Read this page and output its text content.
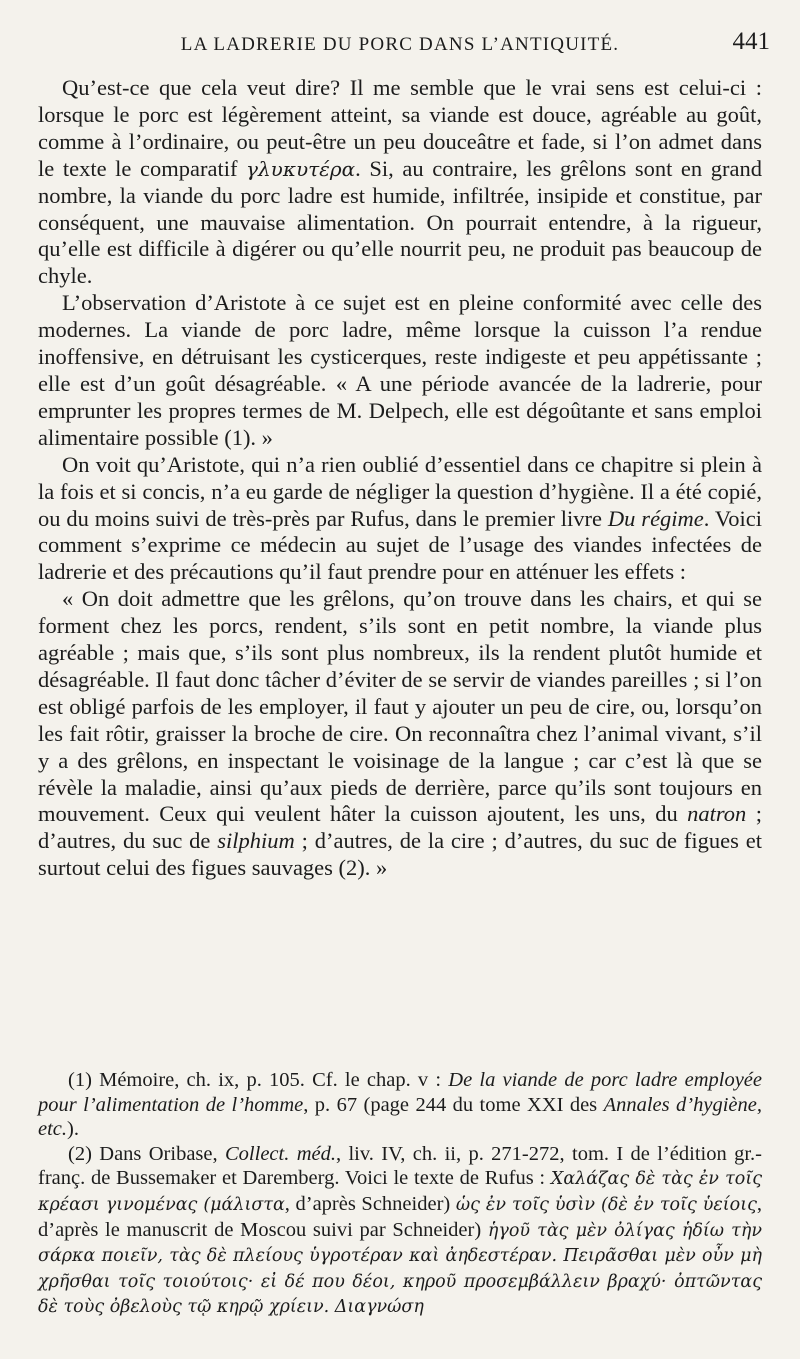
LA LADRERIE DU PORC DANS L’ANTIQUITÉ.	441

Qu’est-ce que cela veut dire? Il me semble que le vrai sens est celui-ci : lorsque le porc est légèrement atteint, sa viande est douce, agréable au goût, comme à l’ordinaire, ou peut-être un peu douceâtre et fade, si l’on admet dans le texte le comparatif γλυκυτέρα. Si, au contraire, les grêlons sont en grand nombre, la viande du porc ladre est humide, infiltrée, insipide et constitue, par conséquent, une mauvaise alimentation. On pourrait entendre, à la rigueur, qu’elle est difficile à digérer ou qu’elle nourrit peu, ne produit pas beaucoup de chyle.

L’observation d’Aristote à ce sujet est en pleine conformité avec celle des modernes. La viande de porc ladre, même lorsque la cuisson l’a rendue inoffensive, en détruisant les cysticerques, reste indigeste et peu appétissante ; elle est d’un goût désagréable. « A une période avancée de la ladrerie, pour emprunter les propres termes de M. Delpech, elle est dégoûtante et sans emploi alimentaire possible (1). »

On voit qu’Aristote, qui n’a rien oublié d’essentiel dans ce chapitre si plein à la fois et si concis, n’a eu garde de négliger la question d’hygiène. Il a été copié, ou du moins suivi de très-près par Rufus, dans le premier livre Du régime. Voici comment s’exprime ce médecin au sujet de l’usage des viandes infectées de ladrerie et des précautions qu’il faut prendre pour en atténuer les effets :

« On doit admettre que les grêlons, qu’on trouve dans les chairs, et qui se forment chez les porcs, rendent, s’ils sont en petit nombre, la viande plus agréable ; mais que, s’ils sont plus nombreux, ils la rendent plutôt humide et désagréable. Il faut donc tâcher d’éviter de se servir de viandes pareilles ; si l’on est obligé parfois de les employer, il faut y ajouter un peu de cire, ou, lorsqu’on les fait rôtir, graisser la broche de cire. On reconnaîtra chez l’animal vivant, s’il y a des grêlons, en inspectant le voisinage de la langue ; car c’est là que se révèle la maladie, ainsi qu’aux pieds de derrière, parce qu’ils sont toujours en mouvement. Ceux qui veulent hâter la cuisson ajoutent, les uns, du natron ; d’autres, du suc de silphium ; d’autres, de la cire ; d’autres, du suc de figues et surtout celui des figues sauvages (2). »

(1) Mémoire, ch. ix, p. 105. Cf. le chap. v : De la viande de porc ladre employée pour l’alimentation de l’homme, p. 67 (page 244 du tome XXI des Annales d’hygiène, etc.).

(2) Dans Oribase, Collect. méd., liv. IV, ch. ii, p. 271-272, tom. I de l’édition gr.-franç. de Bussemaker et Daremberg. Voici le texte de Rufus : Χαλάζας δὲ τὰς ἐν τοῖς κρέασι γινομένας (μάλιστα, d’après Schneider) ὡς ἐν τοῖς ὑσὶν (δὲ ἐν τοῖς ὑείοις, d’après le manuscrit de Moscou suivi par Schneider) ἡγοῦ τὰς μὲν ὀλίγας ἡδίω τὴν σάρκα ποιεῖν, τὰς δὲ πλείους ὑγροτέραν καὶ ἀηδεστέραν. Πειρᾶσθαι μὲν οὖν μὴ χρῆσθαι τοῖς τοιούτοις· εἰ δέ που δέοι, κηροῦ προσεμβάλλειν βραχύ· ὀπτῶντας δὲ τοὺς ὀβελοὺς τῷ κηρῷ χρίειν. Διαγνώση
